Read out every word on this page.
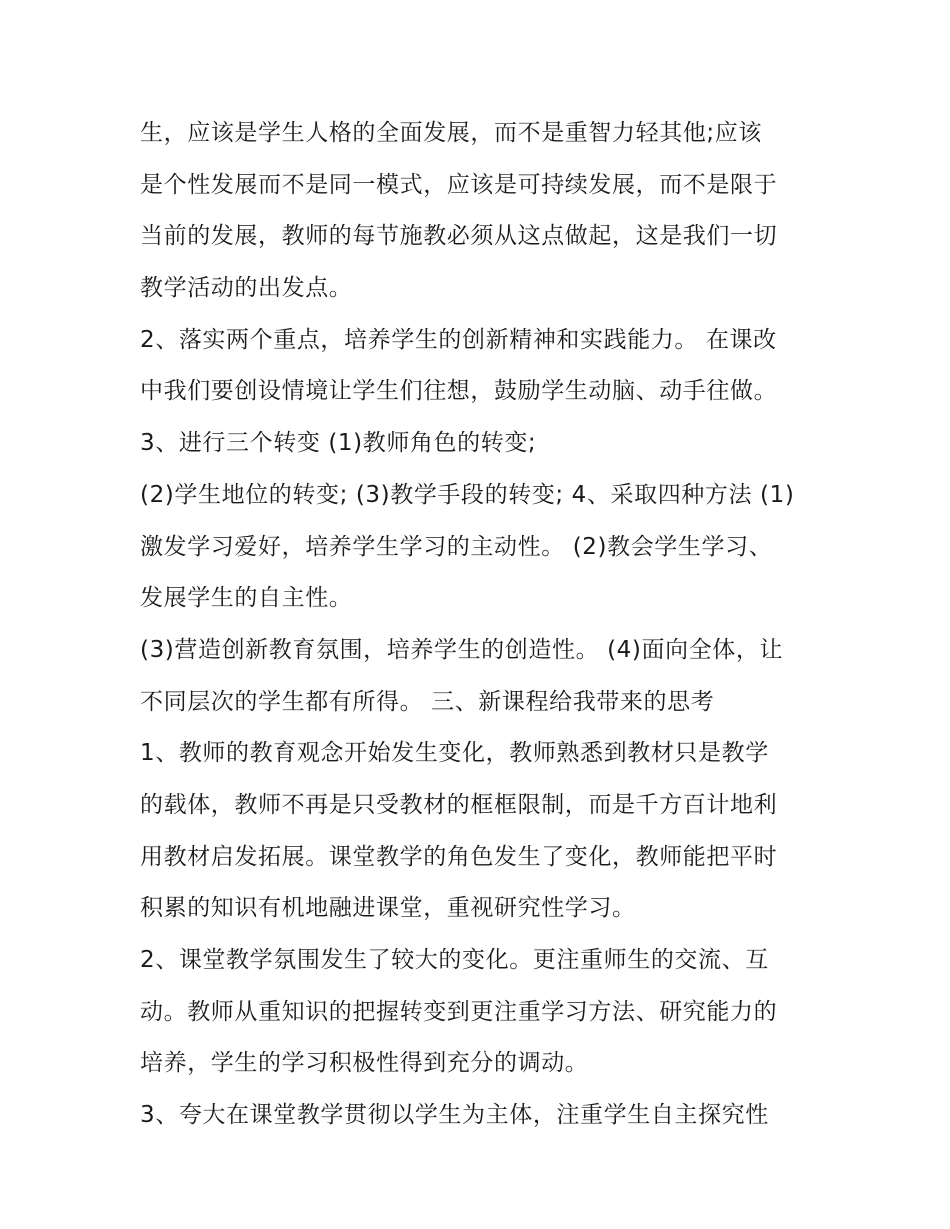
生，应该是学生人格的全面发展，而不是重智力轻其他;应该
是个性发展而不是同一模式，应该是可持续发展，而不是限于
当前的发展，教师的每节施教必须从这点做起，这是我们一切
教学活动的出发点。
2、落实两个重点，培养学生的创新精神和实践能力。 在课改
中我们要创设情境让学生们往想，鼓励学生动脑、动手往做。
3、进行三个转变 (1)教师角色的转变;
(2)学生地位的转变; (3)教学手段的转变; 4、采取四种方法 (1)
激发学习爱好，培养学生学习的主动性。 (2)教会学生学习、
发展学生的自主性。
(3)营造创新教育氛围，培养学生的创造性。 (4)面向全体，让
不同层次的学生都有所得。 三、新课程给我带来的思考
1、教师的教育观念开始发生变化，教师熟悉到教材只是教学
的载体，教师不再是只受教材的框框限制，而是千方百计地利
用教材启发拓展。课堂教学的角色发生了变化，教师能把平时
积累的知识有机地融进课堂，重视研究性学习。
2、课堂教学氛围发生了较大的变化。更注重师生的交流、互
动。教师从重知识的把握转变到更注重学习方法、研究能力的
培养，学生的学习积极性得到充分的调动。
3、夸大在课堂教学贯彻以学生为主体，注重学生自主探究性
